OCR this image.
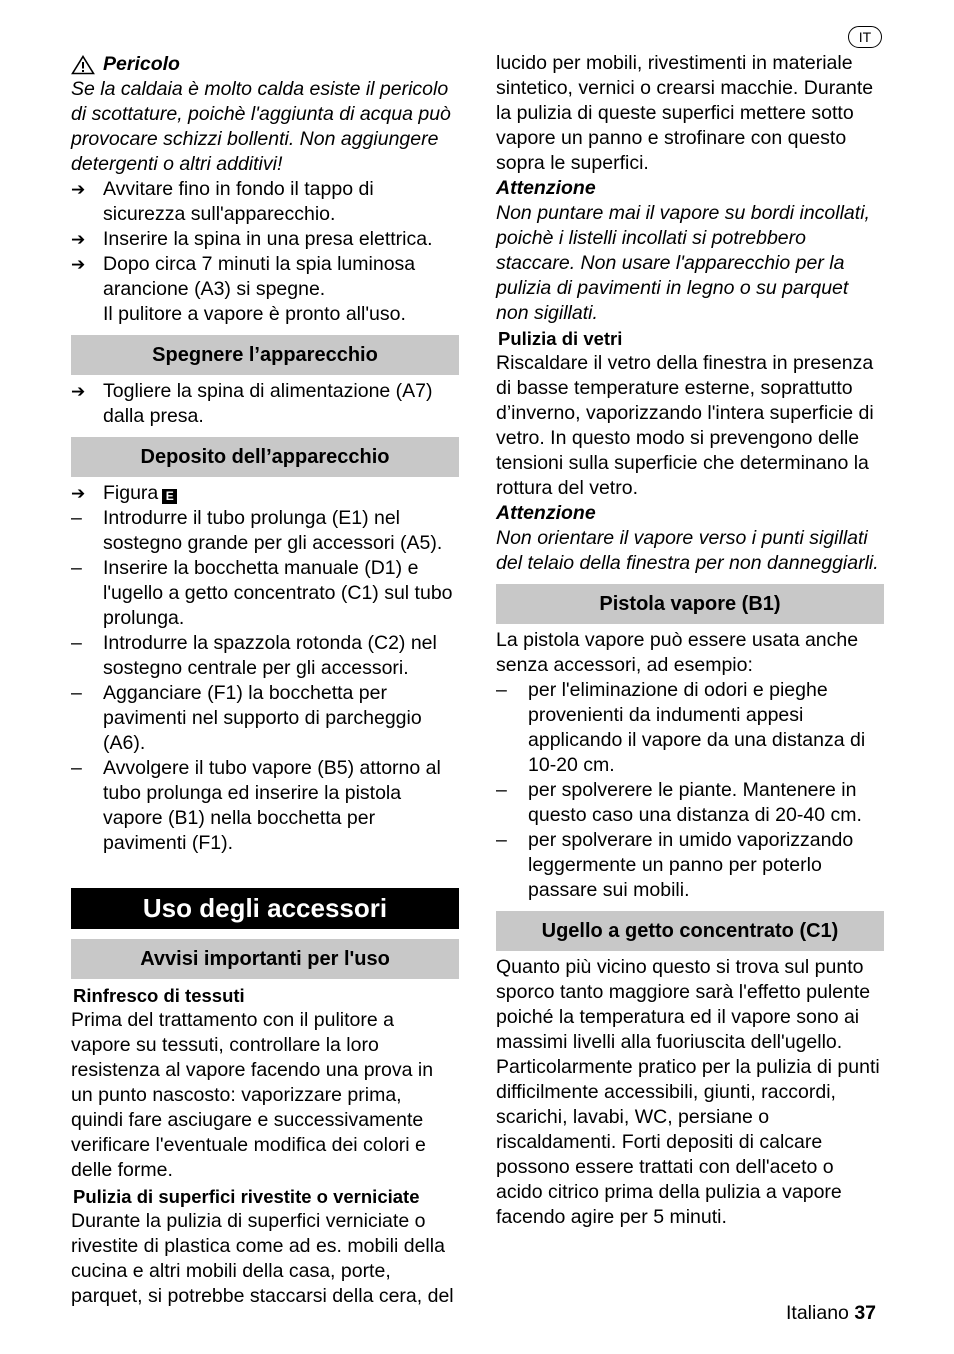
IT
Pericolo

Se la caldaia è molto calda esiste il pericolo di scottature, poichè l'aggiunta di acqua può provocare schizzi bollenti. Non aggiungere detergenti o altri additivi!

➔ Avvitare fino in fondo il tappo di sicurezza sull'apparecchio.
➔ Inserire la spina in una presa elettrica.
➔ Dopo circa 7 minuti la spia luminosa arancione (A3) si spegne.

Il pulitore a vapore è pronto all'uso.

Spegnere l’apparecchio
➔ Togliere la spina di alimentazione (A7) dalla presa.
Deposito dell’apparecchio
➔ Figura E
–	Introdurre il tubo prolunga (E1) nel sostegno grande per gli accessori (A5).
–	Inserire la bocchetta manuale (D1) e l'ugello a getto concentrato (C1) sul tubo prolunga.
–	Introdurre la spazzola rotonda (C2) nel sostegno centrale per gli accessori.
–	Agganciare (F1) la bocchetta per pavimenti nel supporto di parcheggio (A6).
–	Avvolgere il tubo vapore (B5) attorno al tubo prolunga ed inserire la pistola vapore (B1) nella bocchetta per pavimenti (F1).
Uso degli accessori
Avvisi importanti per l'uso
Rinfresco di tessuti

Prima del trattamento con il pulitore a vapore su tessuti, controllare la loro resistenza al vapore facendo una prova in un punto nascosto: vaporizzare prima, quindi fare asciugare e successivamente verificare l'eventuale modifica dei colori e delle forme.

Pulizia di superfici rivestite o verniciate

Durante la pulizia di superfici verniciate o rivestite di plastica come ad es. mobili della cucina e altri mobili della casa, porte, parquet, si potrebbe staccarsi della cera, del

lucido per mobili, rivestimenti in materiale sintetico, vernici o crearsi macchie. Durante la pulizia di queste superfici mettere sotto vapore un panno e strofinare con questo sopra le superfici.

Attenzione

Non puntare mai il vapore su bordi incollati, poichè i listelli incollati si potrebbero staccare. Non usare l'apparecchio per la pulizia di pavimenti in legno o su parquet non sigillati.

Pulizia di vetri

Riscaldare il vetro della finestra in presenza di basse temperature esterne, soprattutto d’inverno, vaporizzando l'intera superficie di vetro. In questo modo si prevengono delle tensioni sulla superficie che determinano la rottura del vetro.

Attenzione

Non orientare il vapore verso i punti sigillati del telaio della finestra per non danneggiarli.

Pistola vapore (B1)

La pistola vapore può essere usata anche senza accessori, ad esempio:

–	per l'eliminazione di odori e pieghe provenienti da indumenti appesi applicando il vapore da una distanza di 10-20 cm.
–	per spolverere le piante. Mantenere in questo caso una distanza di 20-40 cm.
–	per spolverare in umido vaporizzando leggermente un panno per poterlo passare sui mobili.
Ugello a getto concentrato (C1)

Quanto più vicino questo si trova sul punto sporco tanto maggiore sarà l'effetto pulente poiché la temperatura ed il vapore sono ai massimi livelli alla fuoriuscita dell'ugello. Particolarmente pratico per la pulizia di punti difficilmente accessibili, giunti, raccordi, scarichi, lavabi, WC, persiane o riscaldamenti. Forti depositi di calcare possono essere trattati con dell'aceto o acido citrico prima della pulizia a vapore facendo agire per 5 minuti.

Italiano 37
